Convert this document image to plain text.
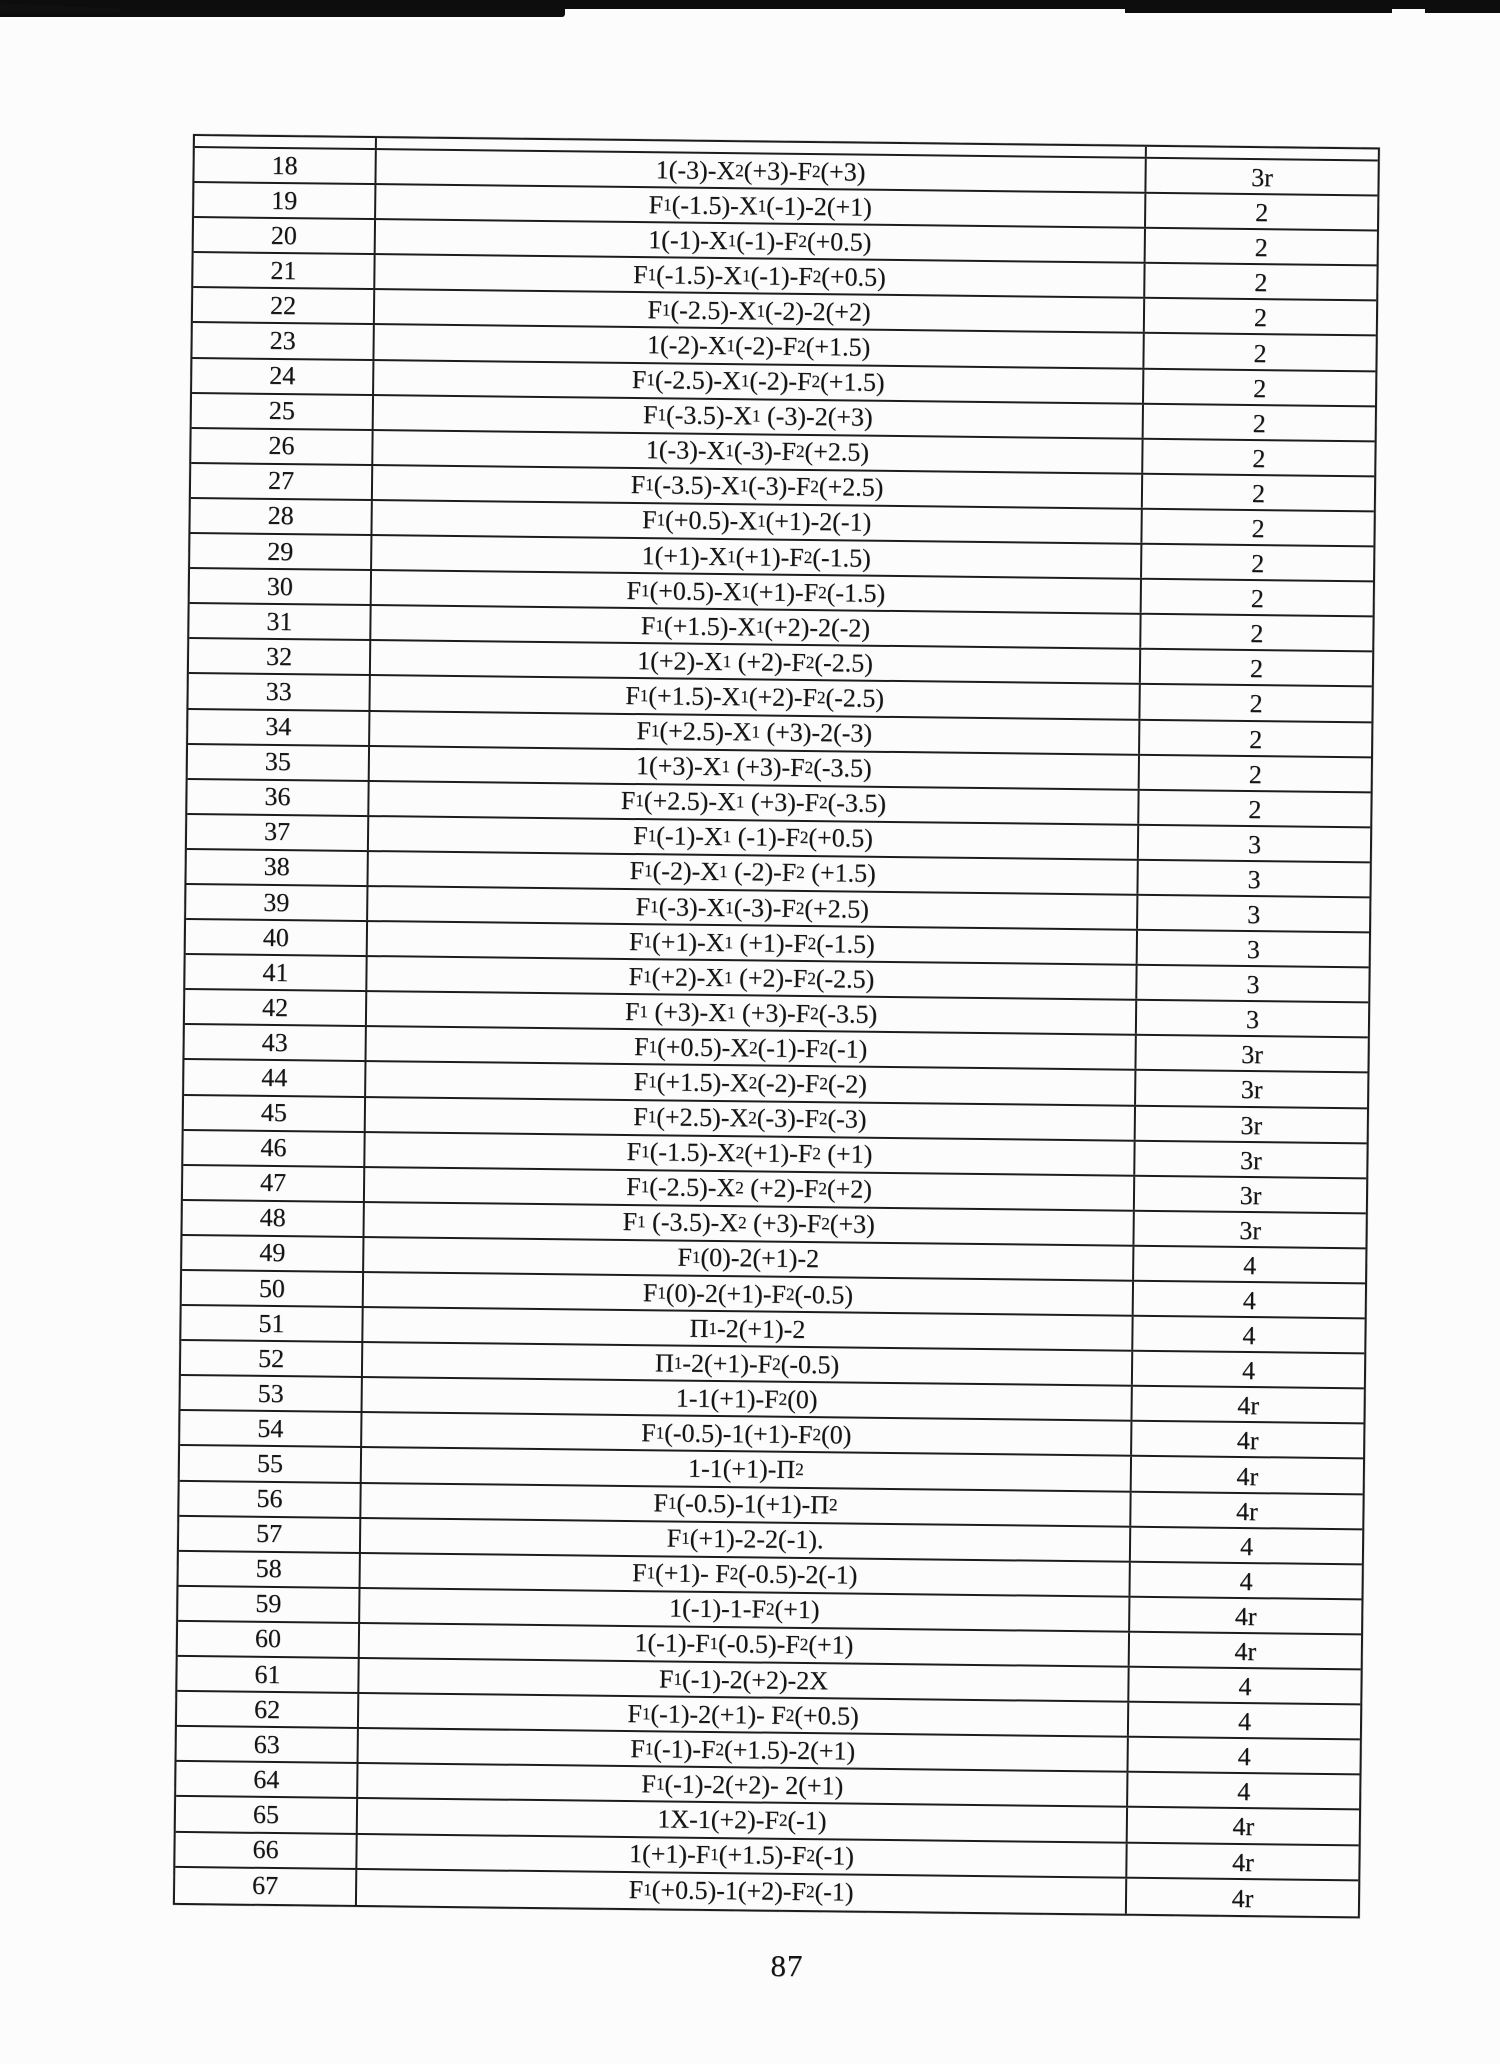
18	1(-3)-X 2 (+3)-F 2 (+3)	3r
19	F 1 (-1.5)-X 1 (-1)-2(+1)	2
20	1(-1)-X 1 (-1)-F 2 (+0.5)	2
21	F 1 (-1.5)-X 1 (-1)-F 2 (+0.5)	2
22	F 1 (-2.5)-X 1 (-2)-2(+2)	2
23	1(-2)-X 1 (-2)-F 2 (+1.5)	2
24	F 1 (-2.5)-X 1 (-2)-F 2 (+1.5)	2
25	F 1 (-3.5)-X 1 (-3)-2(+3)	2
26	1(-3)-X 1 (-3)-F 2 (+2.5)	2
27	F 1 (-3.5)-X 1 (-3)-F 2 (+2.5)	2
28	F 1 (+0.5)-X 1 (+1)-2(-1)	2
29	1(+1)-X 1 (+1)-F 2 (-1.5)	2
30	F 1 (+0.5)-X 1 (+1)-F 2 (-1.5)	2
31	F 1 (+1.5)-X 1 (+2)-2(-2)	2
32	1(+2)-X 1 (+2)-F 2 (-2.5)	2
33	F 1 (+1.5)-X 1 (+2)-F 2 (-2.5)	2
34	F 1 (+2.5)-X 1 (+3)-2(-3)	2
35	1(+3)-X 1 (+3)-F 2 (-3.5)	2
36	F 1 (+2.5)-X 1 (+3)-F 2 (-3.5)	2
37	F 1 (-1)-X 1 (-1)-F 2 (+0.5)	3
38	F 1 (-2)-X 1 (-2)-F 2 (+1.5)	3
39	F 1 (-3)-X 1 (-3)-F 2 (+2.5)	3
40	F 1 (+1)-X 1 (+1)-F 2 (-1.5)	3
41	F 1 (+2)-X 1 (+2)-F 2 (-2.5)	3
42	F 1 (+3)-X 1 (+3)-F 2 (-3.5)	3
43	F 1 (+0.5)-X 2 (-1)-F 2 (-1)	3r
44	F 1 (+1.5)-X 2 (-2)-F 2 (-2)	3r
45	F 1 (+2.5)-X 2 (-3)-F 2 (-3)	3r
46	F 1 (-1.5)-X 2 (+1)-F 2 (+1)	3r
47	F 1 (-2.5)-X 2 (+2)-F 2 (+2)	3r
48	F 1 (-3.5)-X 2 (+3)-F 2 (+3)	3r
49	F 1 (0)-2(+1)-2	4
50	F 1 (0)-2(+1)-F 2 (-0.5)	4
51	Π 1 -2(+1)-2	4
52	Π 1 -2(+1)-F 2 (-0.5)	4
53	1-1(+1)-F 2 (0)	4r
54	F 1 (-0.5)-1(+1)-F 2 (0)	4r
55	1-1(+1)-Π 2	4r
56	F 1 (-0.5)-1(+1)-Π 2	4r
57	F 1 (+1)-2-2(-1).	4
58	F 1 (+1)- F 2 (-0.5)-2(-1)	4
59	1(-1)-1-F 2 (+1)	4r
60	1(-1)-F 1 (-0.5)-F 2 (+1)	4r
61	F 1 (-1)-2(+2)-2X	4
62	F 1 (-1)-2(+1)- F 2 (+0.5)	4
63	F 1 (-1)-F 2 (+1.5)-2(+1)	4
64	F 1 (-1)-2(+2)- 2(+1)	4
65	1X-1(+2)-F 2 (-1)	4r
66	1(+1)-F 1 (+1.5)-F 2 (-1)	4r
67	F 1 (+0.5)-1(+2)-F 2 (-1)	4r
87
